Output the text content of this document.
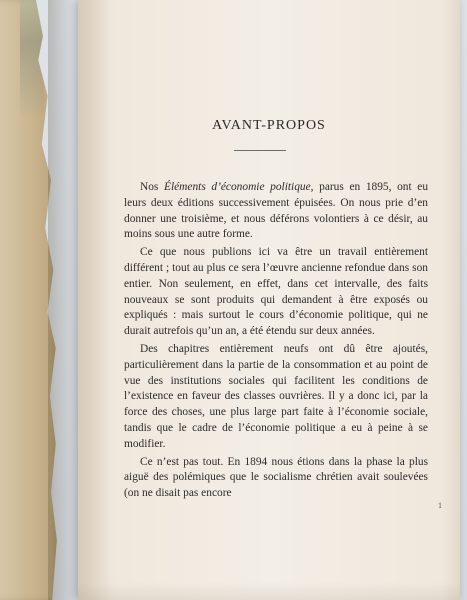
AVANT-PROPOS

Nos Éléments d’économie politique, parus en 1895, ont eu leurs deux éditions successivement épuisées. On nous prie d’en donner une troisième, et nous déférons volontiers à ce désir, au moins sous une autre forme.

Ce que nous publions ici va être un travail entièrement différent ; tout au plus ce sera l’œuvre ancienne refondue dans son entier. Non seulement, en effet, dans cet intervalle, des faits nouveaux se sont produits qui demandent à être exposés ou expliqués : mais surtout le cours d’économie politique, qui ne durait autrefois qu’un an, a été étendu sur deux années.

Des chapitres entièrement neufs ont dû être ajoutés, particulièrement dans la partie de la consommation et au point de vue des institutions sociales qui facilitent les conditions de l’existence en faveur des classes ouvrières. Il y a donc ici, par la force des choses, une plus large part faite à l’économie sociale, tandis que le cadre de l’économie politique a eu à peine à se modifier.

Ce n’est pas tout. En 1894 nous étions dans la phase la plus aiguë des polémiques que le socialisme chrétien avait soulevées (on ne disait pas encore

1
